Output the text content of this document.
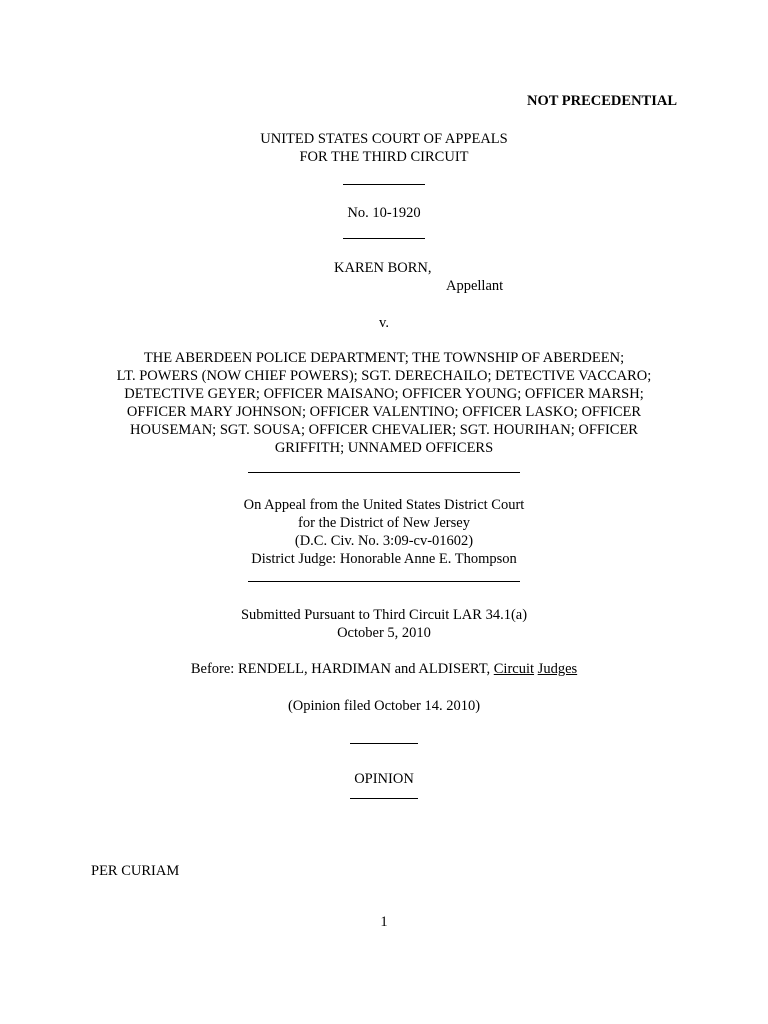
NOT PRECEDENTIAL
UNITED STATES COURT OF APPEALS
FOR THE THIRD CIRCUIT
No. 10-1920
KAREN BORN,
Appellant
v.
THE ABERDEEN POLICE DEPARTMENT; THE TOWNSHIP OF ABERDEEN;
LT. POWERS (NOW CHIEF POWERS); SGT. DERECHAILO; DETECTIVE VACCARO;
DETECTIVE GEYER; OFFICER MAISANO; OFFICER YOUNG; OFFICER MARSH;
OFFICER MARY JOHNSON; OFFICER VALENTINO; OFFICER LASKO; OFFICER
HOUSEMAN; SGT. SOUSA; OFFICER CHEVALIER; SGT. HOURIHAN; OFFICER
GRIFFITH; UNNAMED OFFICERS
On Appeal from the United States District Court
for the District of New Jersey
(D.C. Civ. No. 3:09-cv-01602)
District Judge: Honorable Anne E. Thompson
Submitted Pursuant to Third Circuit LAR 34.1(a)
October 5, 2010
Before: RENDELL, HARDIMAN and ALDISERT, Circuit Judges
(Opinion filed October 14. 2010)
OPINION
PER CURIAM
1
